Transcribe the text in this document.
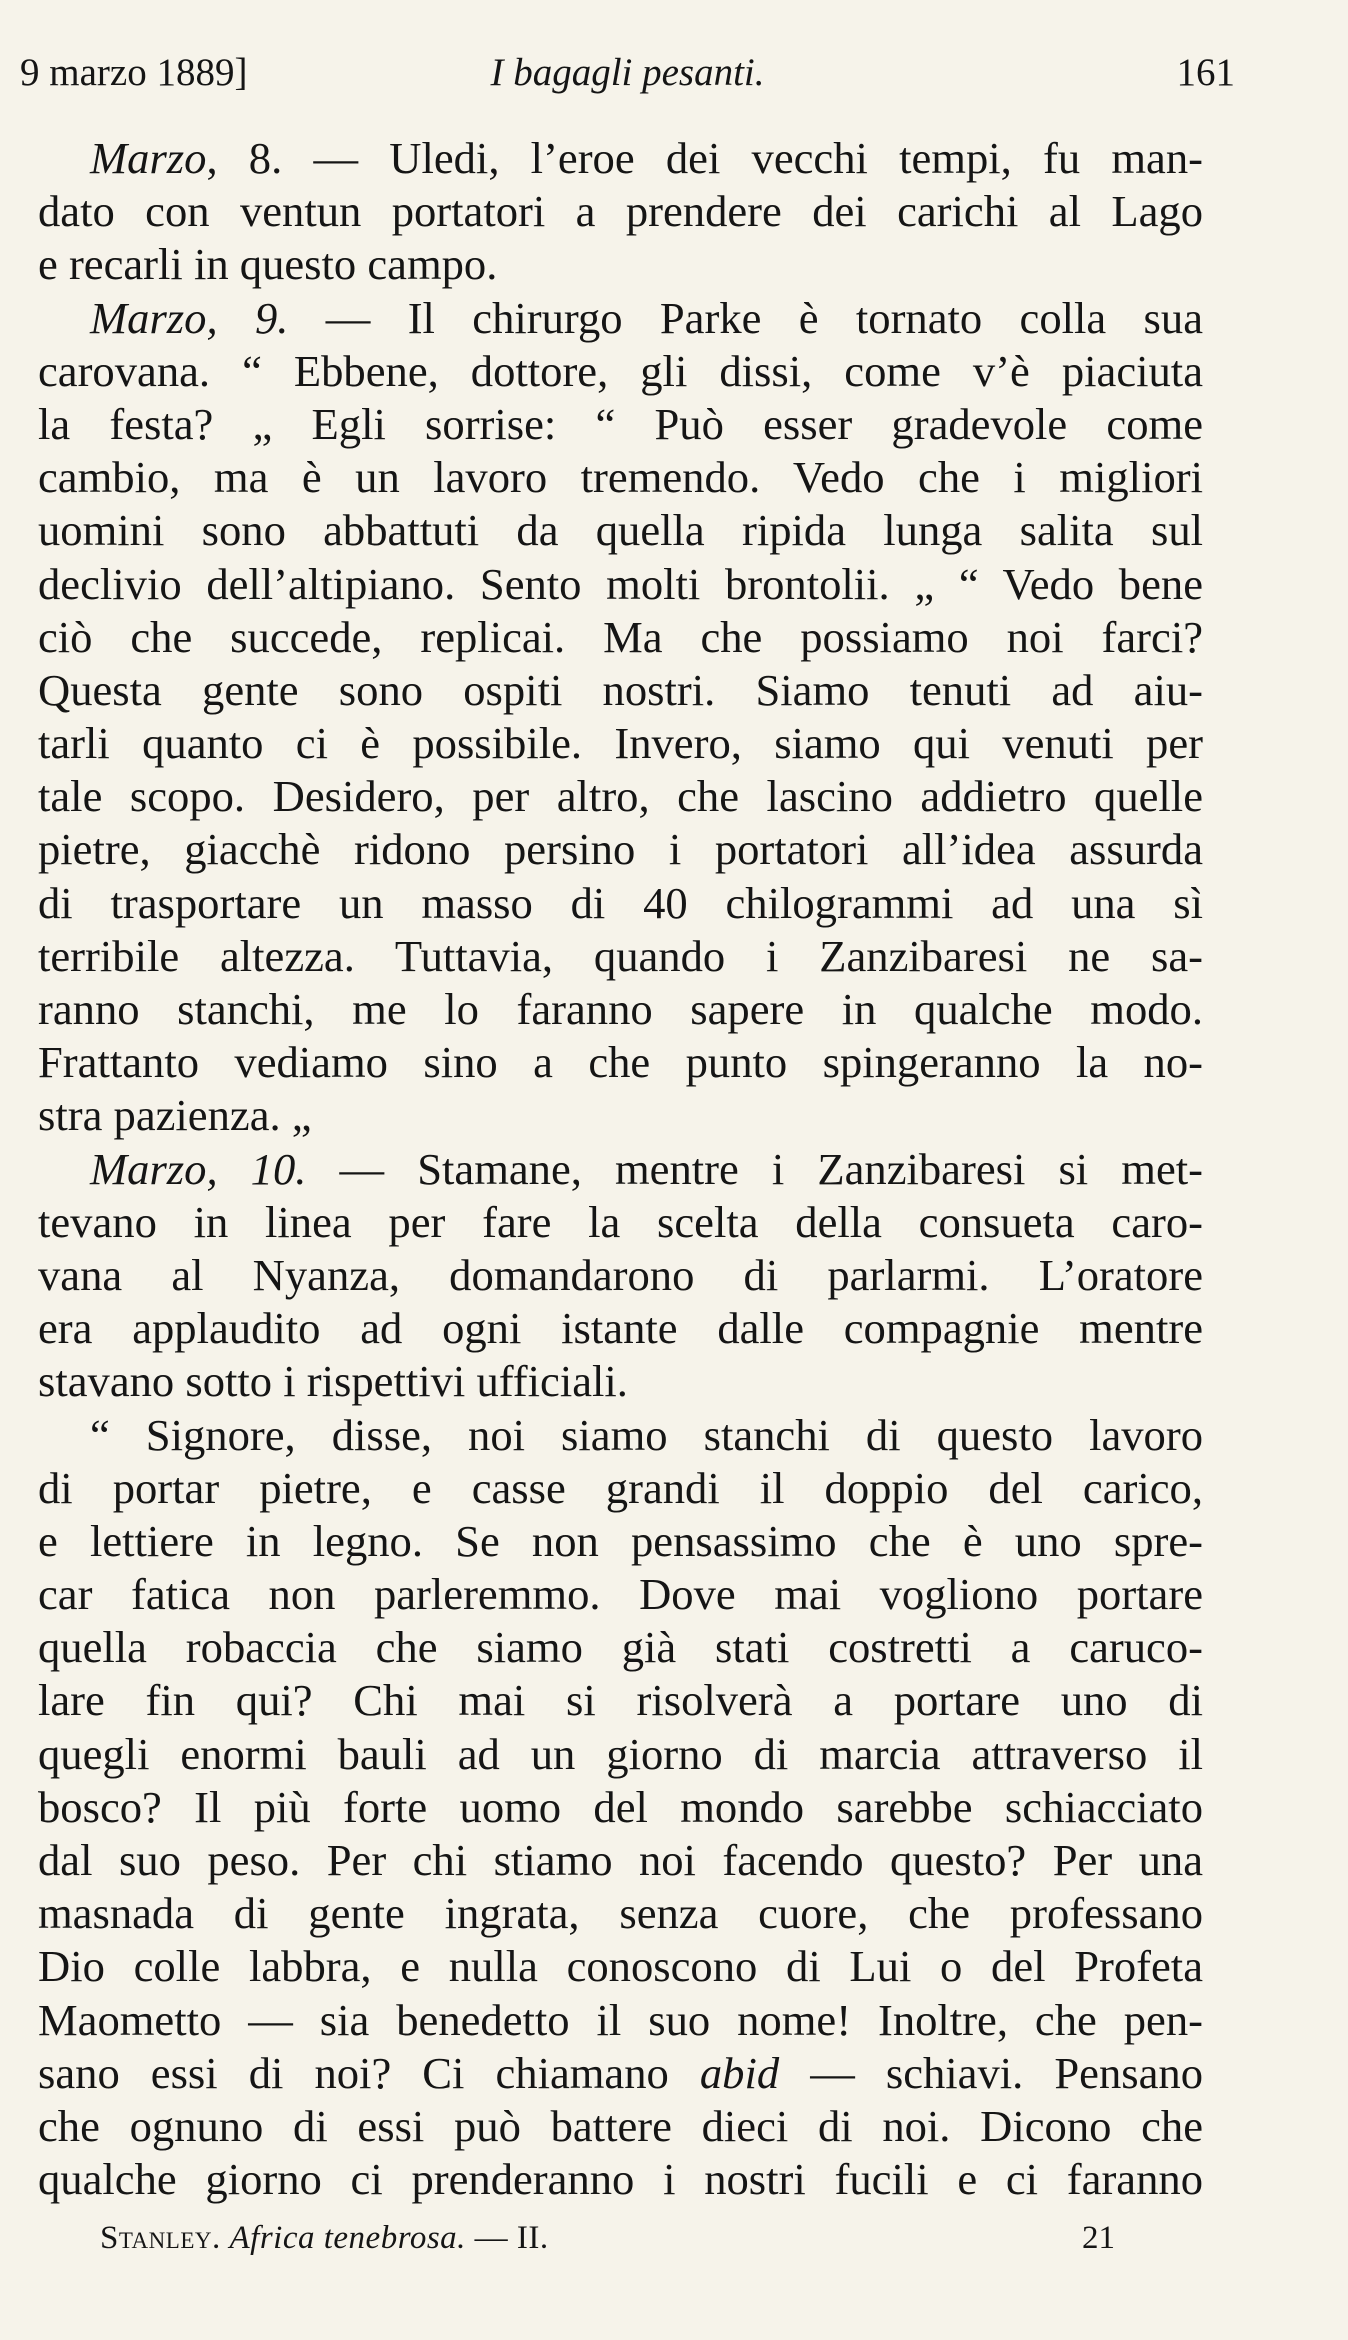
9 marzo 1889]	I bagagli pesanti.	161
Marzo, 8. — Uledi, l’eroe dei vecchi tempi, fu man-
dato con ventun portatori a prendere dei carichi al Lago
e recarli in questo campo.
Marzo, 9. — Il chirurgo Parke è tornato colla sua
carovana. “ Ebbene, dottore, gli dissi, come v’è piaciuta
la festa? „ Egli sorrise: “ Può esser gradevole come
cambio, ma è un lavoro tremendo. Vedo che i migliori
uomini sono abbattuti da quella ripida lunga salita sul
declivio dell’altipiano. Sento molti brontolii. „ “ Vedo bene
ciò che succede, replicai. Ma che possiamo noi farci?
Questa gente sono ospiti nostri. Siamo tenuti ad aiu-
tarli quanto ci è possibile. Invero, siamo qui venuti per
tale scopo. Desidero, per altro, che lascino addietro quelle
pietre, giacchè ridono persino i portatori all’idea assurda
di trasportare un masso di 40 chilogrammi ad una sì
terribile altezza. Tuttavia, quando i Zanzibaresi ne sa-
ranno stanchi, me lo faranno sapere in qualche modo.
Frattanto vediamo sino a che punto spingeranno la no-
stra pazienza. „
Marzo, 10. — Stamane, mentre i Zanzibaresi si met-
tevano in linea per fare la scelta della consueta caro-
vana al Nyanza, domandarono di parlarmi. L’oratore
era applaudito ad ogni istante dalle compagnie mentre
stavano sotto i rispettivi ufficiali.
“ Signore, disse, noi siamo stanchi di questo lavoro
di portar pietre, e casse grandi il doppio del carico,
e lettiere in legno. Se non pensassimo che è uno spre-
car fatica non parleremmo. Dove mai vogliono portare
quella robaccia che siamo già stati costretti a caruco-
lare fin qui? Chi mai si risolverà a portare uno di
quegli enormi bauli ad un giorno di marcia attraverso il
bosco? Il più forte uomo del mondo sarebbe schiacciato
dal suo peso. Per chi stiamo noi facendo questo? Per una
masnada di gente ingrata, senza cuore, che professano
Dio colle labbra, e nulla conoscono di Lui o del Profeta
Maometto — sia benedetto il suo nome! Inoltre, che pen-
sano essi di noi? Ci chiamano abid — schiavi. Pensano
che ognuno di essi può battere dieci di noi. Dicono che
qualche giorno ci prenderanno i nostri fucili e ci faranno
Stanley. Africa tenebrosa. — II.	21
